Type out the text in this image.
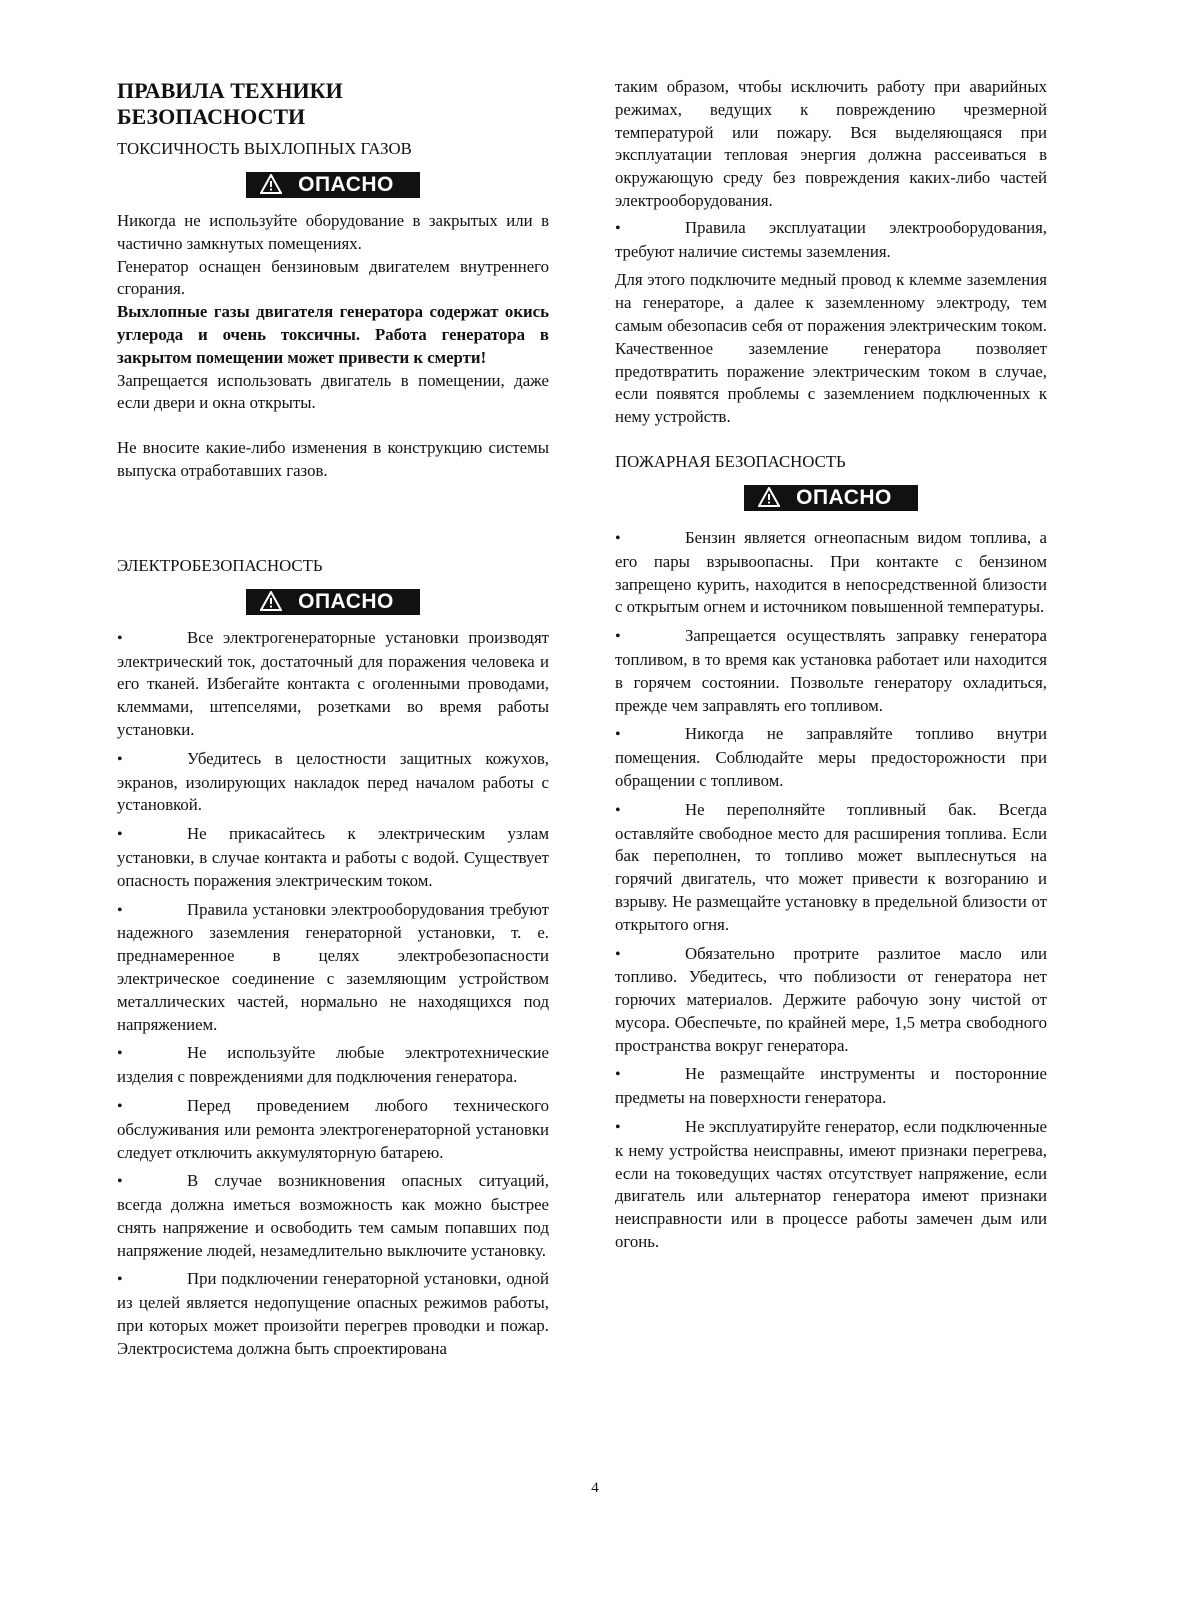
ПРАВИЛА ТЕХНИКИ
БЕЗОПАСНОСТИ
ТОКСИЧНОСТЬ ВЫХЛОПНЫХ ГАЗОВ
ОПАСНО

Никогда не используйте оборудование в закрытых или в частично замкнутых помещениях.

Генератор оснащен бензиновым двигателем внутреннего сгорания.

Выхлопные газы двигателя генератора содержат окись углерода и очень токсичны. Работа генератора в закрытом помещении может привести к смерти!

Запрещается использовать двигатель в помещении, даже если двери и окна открыты.

Не вносите какие-либо изменения в конструкцию системы выпуска отработавших газов.

ЭЛЕКТРОБЕЗОПАСНОСТЬ
ОПАСНО

•	Все электрогенераторные установки производят электрический ток, достаточный для поражения человека и его тканей. Избегайте контакта с оголенными проводами, клеммами, штепселями, розетками во время работы установки.

•	Убедитесь в целостности защитных кожухов, экранов, изолирующих накладок перед началом работы с установкой.

•	Не прикасайтесь к электрическим узлам установки, в случае контакта и работы с водой. Существует опасность поражения электрическим током.

•	Правила установки электрооборудования требуют надежного заземления генераторной установки, т. е. преднамеренное в целях электробезопасности электрическое соединение с заземляющим устройством металлических частей, нормально не находящихся под напряжением.

•	Не используйте любые электротехнические изделия с повреждениями для подключения генератора.

•	Перед проведением любого технического обслуживания или ремонта электрогенераторной установки следует отключить аккумуляторную батарею.

•	В случае возникновения опасных ситуаций, всегда должна иметься возможность как можно быстрее снять напряжение и освободить тем самым попавших под напряжение людей, незамедлительно выключите установку.

•	При подключении генераторной установки, одной из целей является недопущение опасных режимов работы, при которых может произойти перегрев проводки и пожар. Электросистема должна быть спроектирована

таким образом, чтобы исключить работу при аварийных режимах, ведущих к повреждению чрезмерной температурой или пожару. Вся выделяющаяся при эксплуатации тепловая энергия должна рассеиваться в окружающую среду без повреждения каких-либо частей электрооборудования.

•	Правила эксплуатации электрооборудования, требуют наличие системы заземления.

Для этого подключите медный провод к клемме заземления на генераторе, а далее к заземленному электроду, тем самым обезопасив себя от поражения электрическим током. Качественное заземление генератора позволяет предотвратить поражение электрическим током в случае, если появятся проблемы с заземлением подключенных к нему устройств.

ПОЖАРНАЯ БЕЗОПАСНОСТЬ
ОПАСНО

•	Бензин является огнеопасным видом топлива, а его пары взрывоопасны. При контакте с бензином запрещено курить, находится в непосредственной близости с открытым огнем и источником повышенной температуры.

•	Запрещается осуществлять заправку генератора топливом, в то время как установка работает или находится в горячем состоянии. Позвольте генератору охладиться, прежде чем заправлять его топливом.

•	Никогда не заправляйте топливо внутри помещения. Соблюдайте меры предосторожности при обращении с топливом.

•	Не переполняйте топливный бак. Всегда оставляйте свободное место для расширения топлива. Если бак переполнен, то топливо может выплеснуться на горячий двигатель, что может привести к возгоранию и взрыву. Не размещайте установку в предельной близости от открытого огня.

•	Обязательно протрите разлитое масло или топливо. Убедитесь, что поблизости от генератора нет горючих материалов. Держите рабочую зону чистой от мусора. Обеспечьте, по крайней мере, 1,5 метра свободного пространства вокруг генератора.

•	Не размещайте инструменты и посторонние предметы на поверхности генератора.

•	Не эксплуатируйте генератор, если подключенные к нему устройства неисправны, имеют признаки перегрева, если на токоведущих частях отсутствует напряжение, если двигатель или альтернатор генератора имеют признаки неисправности или в процессе работы замечен дым или огонь.

4
